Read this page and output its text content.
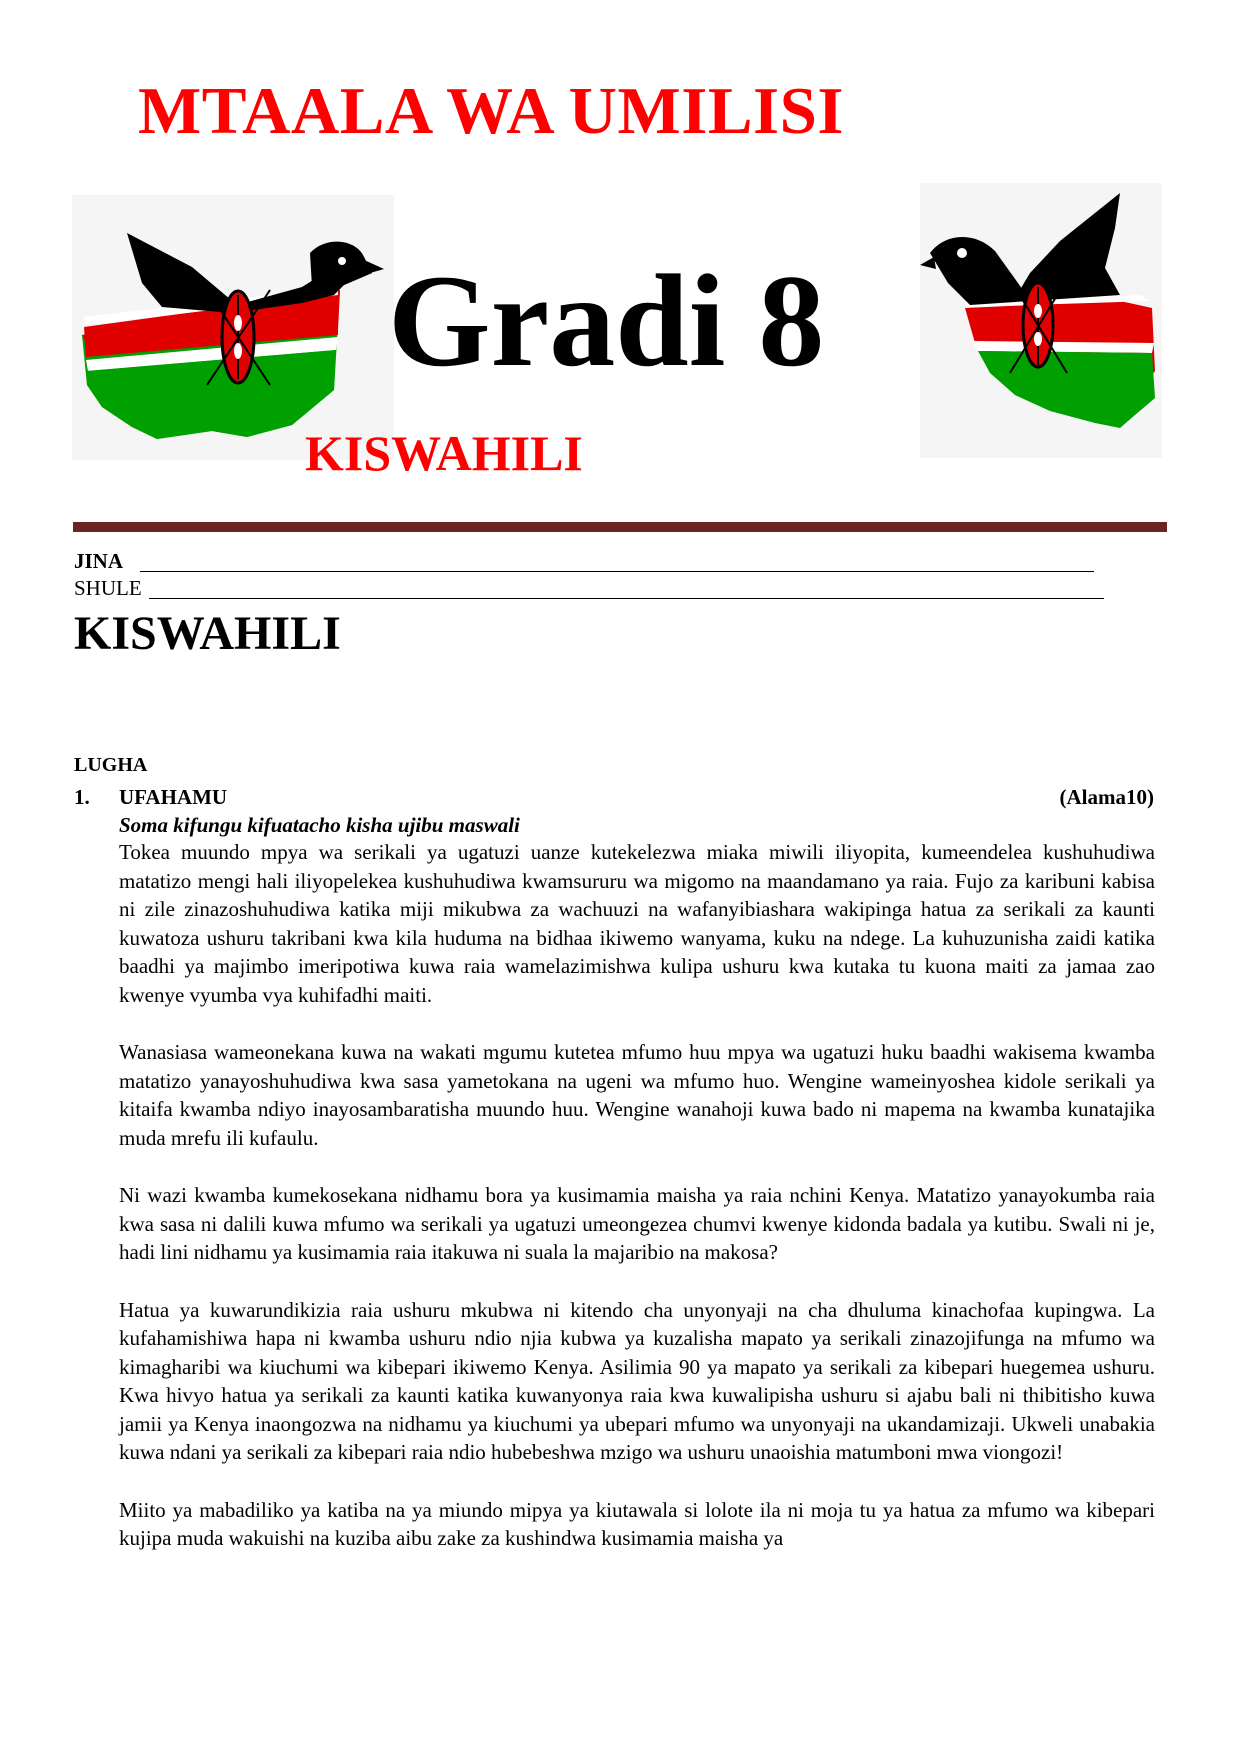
MTAALA WA UMILISI
Gradi 8
KISWAHILI
JINA
SHULE
KISWAHILI
LUGHA
1. UFAHAMU	(Alama10)
Soma kifungu kifuatacho kisha ujibu maswali

Tokea muundo mpya wa serikali ya ugatuzi uanze kutekelezwa miaka miwili iliyopita, kumeendelea kushuhudiwa matatizo mengi hali iliyopelekea kushuhudiwa kwamsururu wa migomo na maandamano ya raia. Fujo za karibuni kabisa ni zile zinazoshuhudiwa katika miji mikubwa za wachuuzi na wafanyibiashara wakipinga hatua za serikali za kaunti kuwatoza ushuru takribani kwa kila huduma na bidhaa ikiwemo wanyama, kuku na ndege. La kuhuzunisha zaidi katika baadhi ya majimbo imeripotiwa kuwa raia wamelazimishwa kulipa ushuru kwa kutaka tu kuona maiti za jamaa zao kwenye vyumba vya kuhifadhi maiti.

Wanasiasa wameonekana kuwa na wakati mgumu kutetea mfumo huu mpya wa ugatuzi huku baadhi wakisema kwamba matatizo yanayoshuhudiwa kwa sasa yametokana na ugeni wa mfumo huo. Wengine wameinyoshea kidole serikali ya kitaifa kwamba ndiyo inayosambaratisha muundo huu. Wengine wanahoji kuwa bado ni mapema na kwamba kunatajika muda mrefu ili kufaulu.

Ni wazi kwamba kumekosekana nidhamu bora ya kusimamia maisha ya raia nchini Kenya. Matatizo yanayokumba raia kwa sasa ni dalili kuwa mfumo wa serikali ya ugatuzi umeongezea chumvi kwenye kidonda badala ya kutibu. Swali ni je, hadi lini nidhamu ya kusimamia raia itakuwa ni suala la majaribio na makosa?

Hatua ya kuwarundikizia raia ushuru mkubwa ni kitendo cha unyonyaji na cha dhuluma kinachofaa kupingwa. La kufahamishiwa hapa ni kwamba ushuru ndio njia kubwa ya kuzalisha mapato ya serikali zinazojifunga na mfumo wa kimagharibi wa kiuchumi wa kibepari ikiwemo Kenya. Asilimia 90 ya mapato ya serikali za kibepari huegemea ushuru. Kwa hivyo hatua ya serikali za kaunti katika kuwanyonya raia kwa kuwalipisha ushuru si ajabu bali ni thibitisho kuwa jamii ya Kenya inaongozwa na nidhamu ya kiuchumi ya ubepari mfumo wa unyonyaji na ukandamizaji. Ukweli unabakia kuwa ndani ya serikali za kibepari raia ndio hubebeshwa mzigo wa ushuru unaoishia matumboni mwa viongozi!

Miito ya mabadiliko ya katiba na ya miundo mipya ya kiutawala si lolote ila ni moja tu ya hatua za mfumo wa kibepari kujipa muda wakuishi na kuziba aibu zake za kushindwa kusimamia maisha ya
